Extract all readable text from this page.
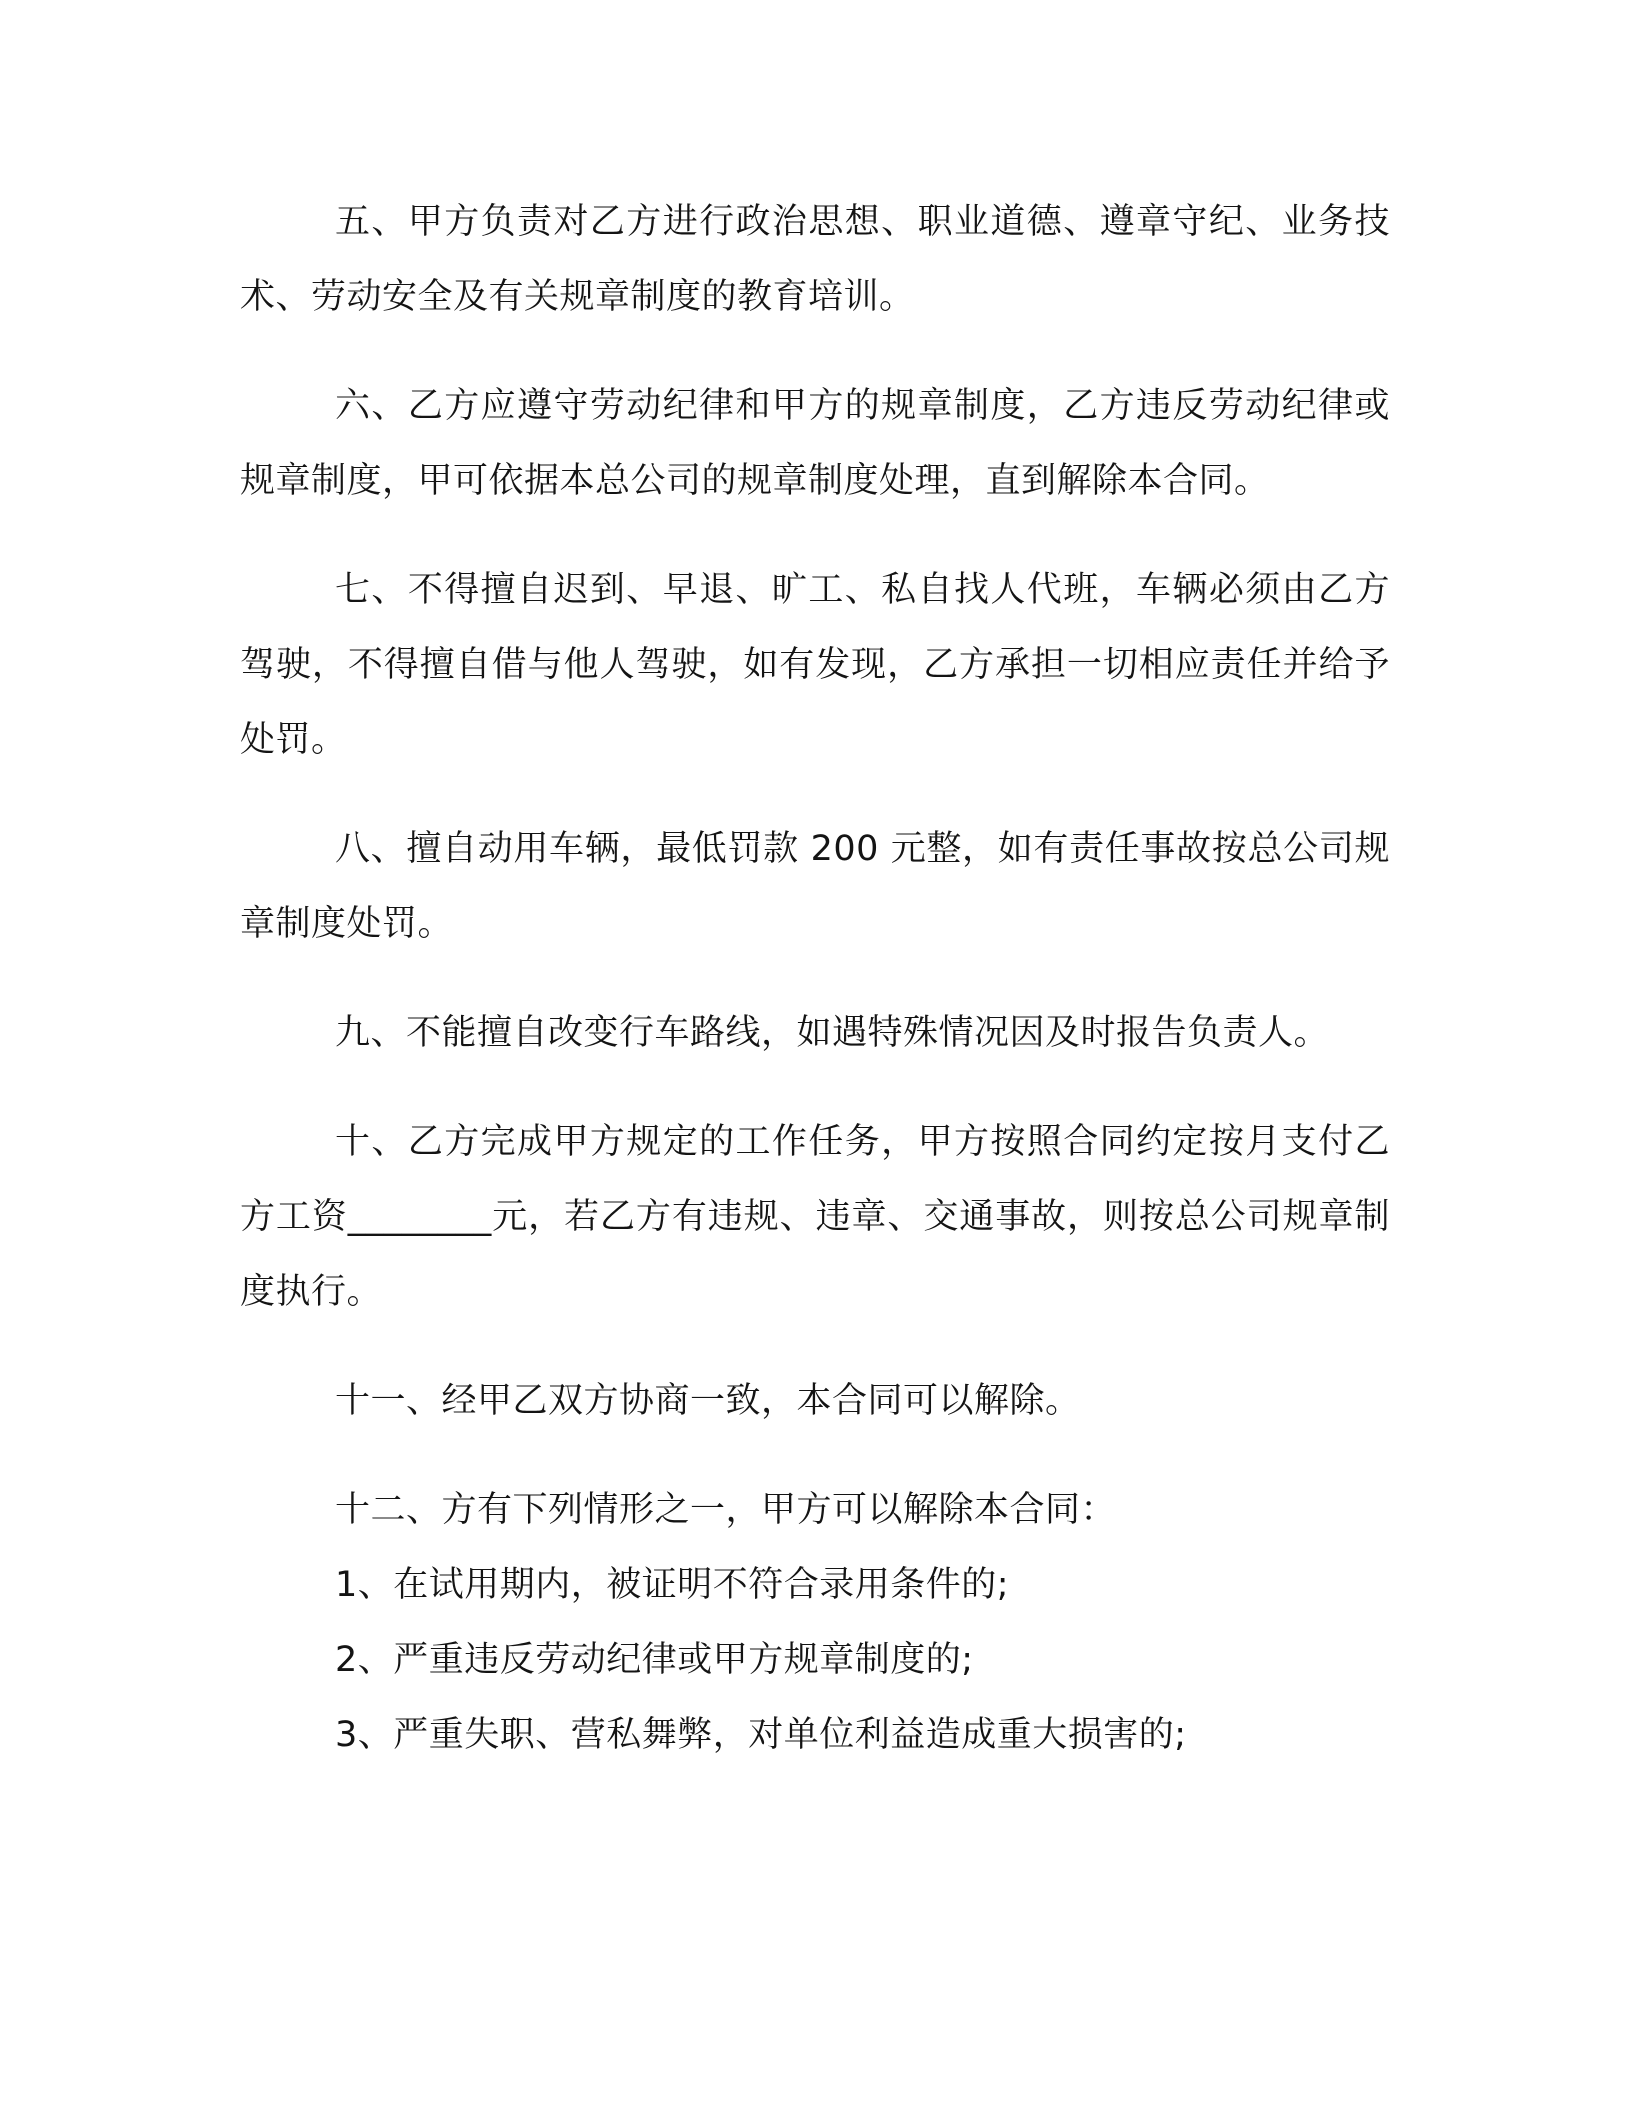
五、甲方负责对乙方进行政治思想、职业道德、遵章守纪、业务技术、劳动安全及有关规章制度的教育培训。

六、乙方应遵守劳动纪律和甲方的规章制度，乙方违反劳动纪律或规章制度，甲可依据本总公司的规章制度处理，直到解除本合同。

七、不得擅自迟到、早退、旷工、私自找人代班，车辆必须由乙方驾驶，不得擅自借与他人驾驶，如有发现，乙方承担一切相应责任并给予处罚。

八、擅自动用车辆，最低罚款 200 元整，如有责任事故按总公司规章制度处罚。

九、不能擅自改变行车路线，如遇特殊情况因及时报告负责人。

十、乙方完成甲方规定的工作任务，甲方按照合同约定按月支付乙方工资________元，若乙方有违规、违章、交通事故，则按总公司规章制度执行。

十一、经甲乙双方协商一致，本合同可以解除。

十二、方有下列情形之一，甲方可以解除本合同：

1、在试用期内，被证明不符合录用条件的;

2、严重违反劳动纪律或甲方规章制度的;

3、严重失职、营私舞弊，对单位利益造成重大损害的;
